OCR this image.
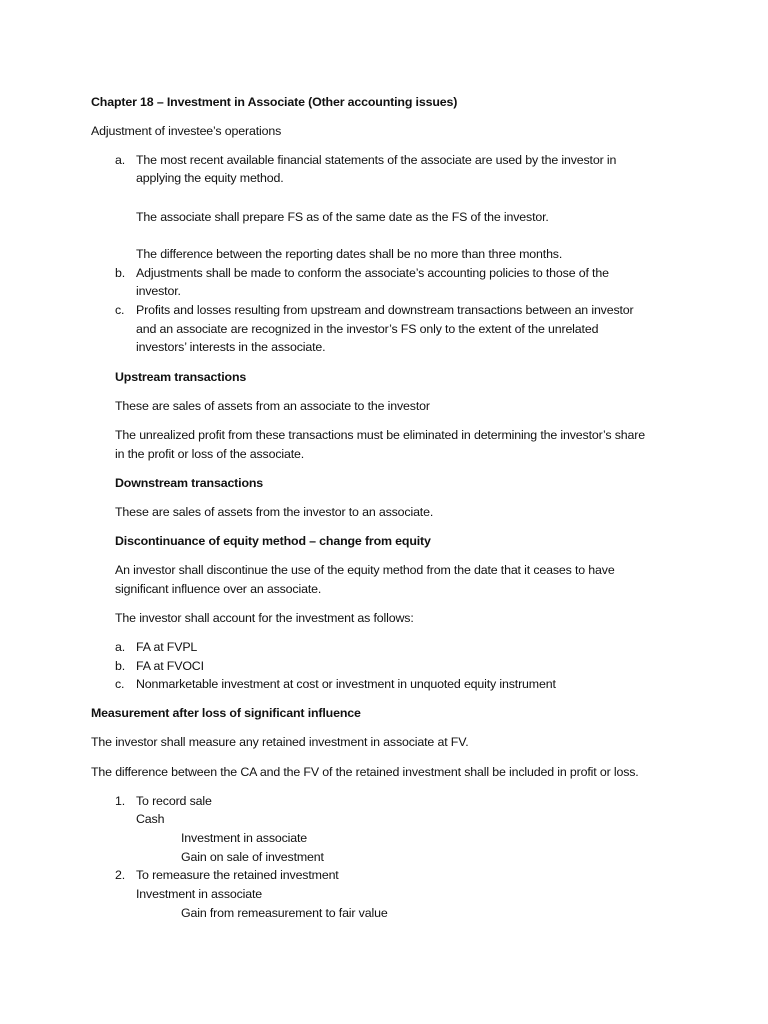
Chapter 18 – Investment in Associate (Other accounting issues)
Adjustment of investee’s operations
a. The most recent available financial statements of the associate are used by the investor in
applying the equity method.
The associate shall prepare FS as of the same date as the FS of the investor.
The difference between the reporting dates shall be no more than three months.
b. Adjustments shall be made to conform the associate’s accounting policies to those of the
investor.
c. Profits and losses resulting from upstream and downstream transactions between an investor
and an associate are recognized in the investor’s FS only to the extent of the unrelated
investors’ interests in the associate.
Upstream transactions
These are sales of assets from an associate to the investor
The unrealized profit from these transactions must be eliminated in determining the investor’s share
in the profit or loss of the associate.
Downstream transactions
These are sales of assets from the investor to an associate.
Discontinuance of equity method – change from equity
An investor shall discontinue the use of the equity method from the date that it ceases to have
significant influence over an associate.
The investor shall account for the investment as follows:
a. FA at FVPL
b. FA at FVOCI
c. Nonmarketable investment at cost or investment in unquoted equity instrument
Measurement after loss of significant influence
The investor shall measure any retained investment in associate at FV.
The difference between the CA and the FV of the retained investment shall be included in profit or loss.
1. To record sale
Cash
Investment in associate
Gain on sale of investment
2. To remeasure the retained investment
Investment in associate
Gain from remeasurement to fair value
